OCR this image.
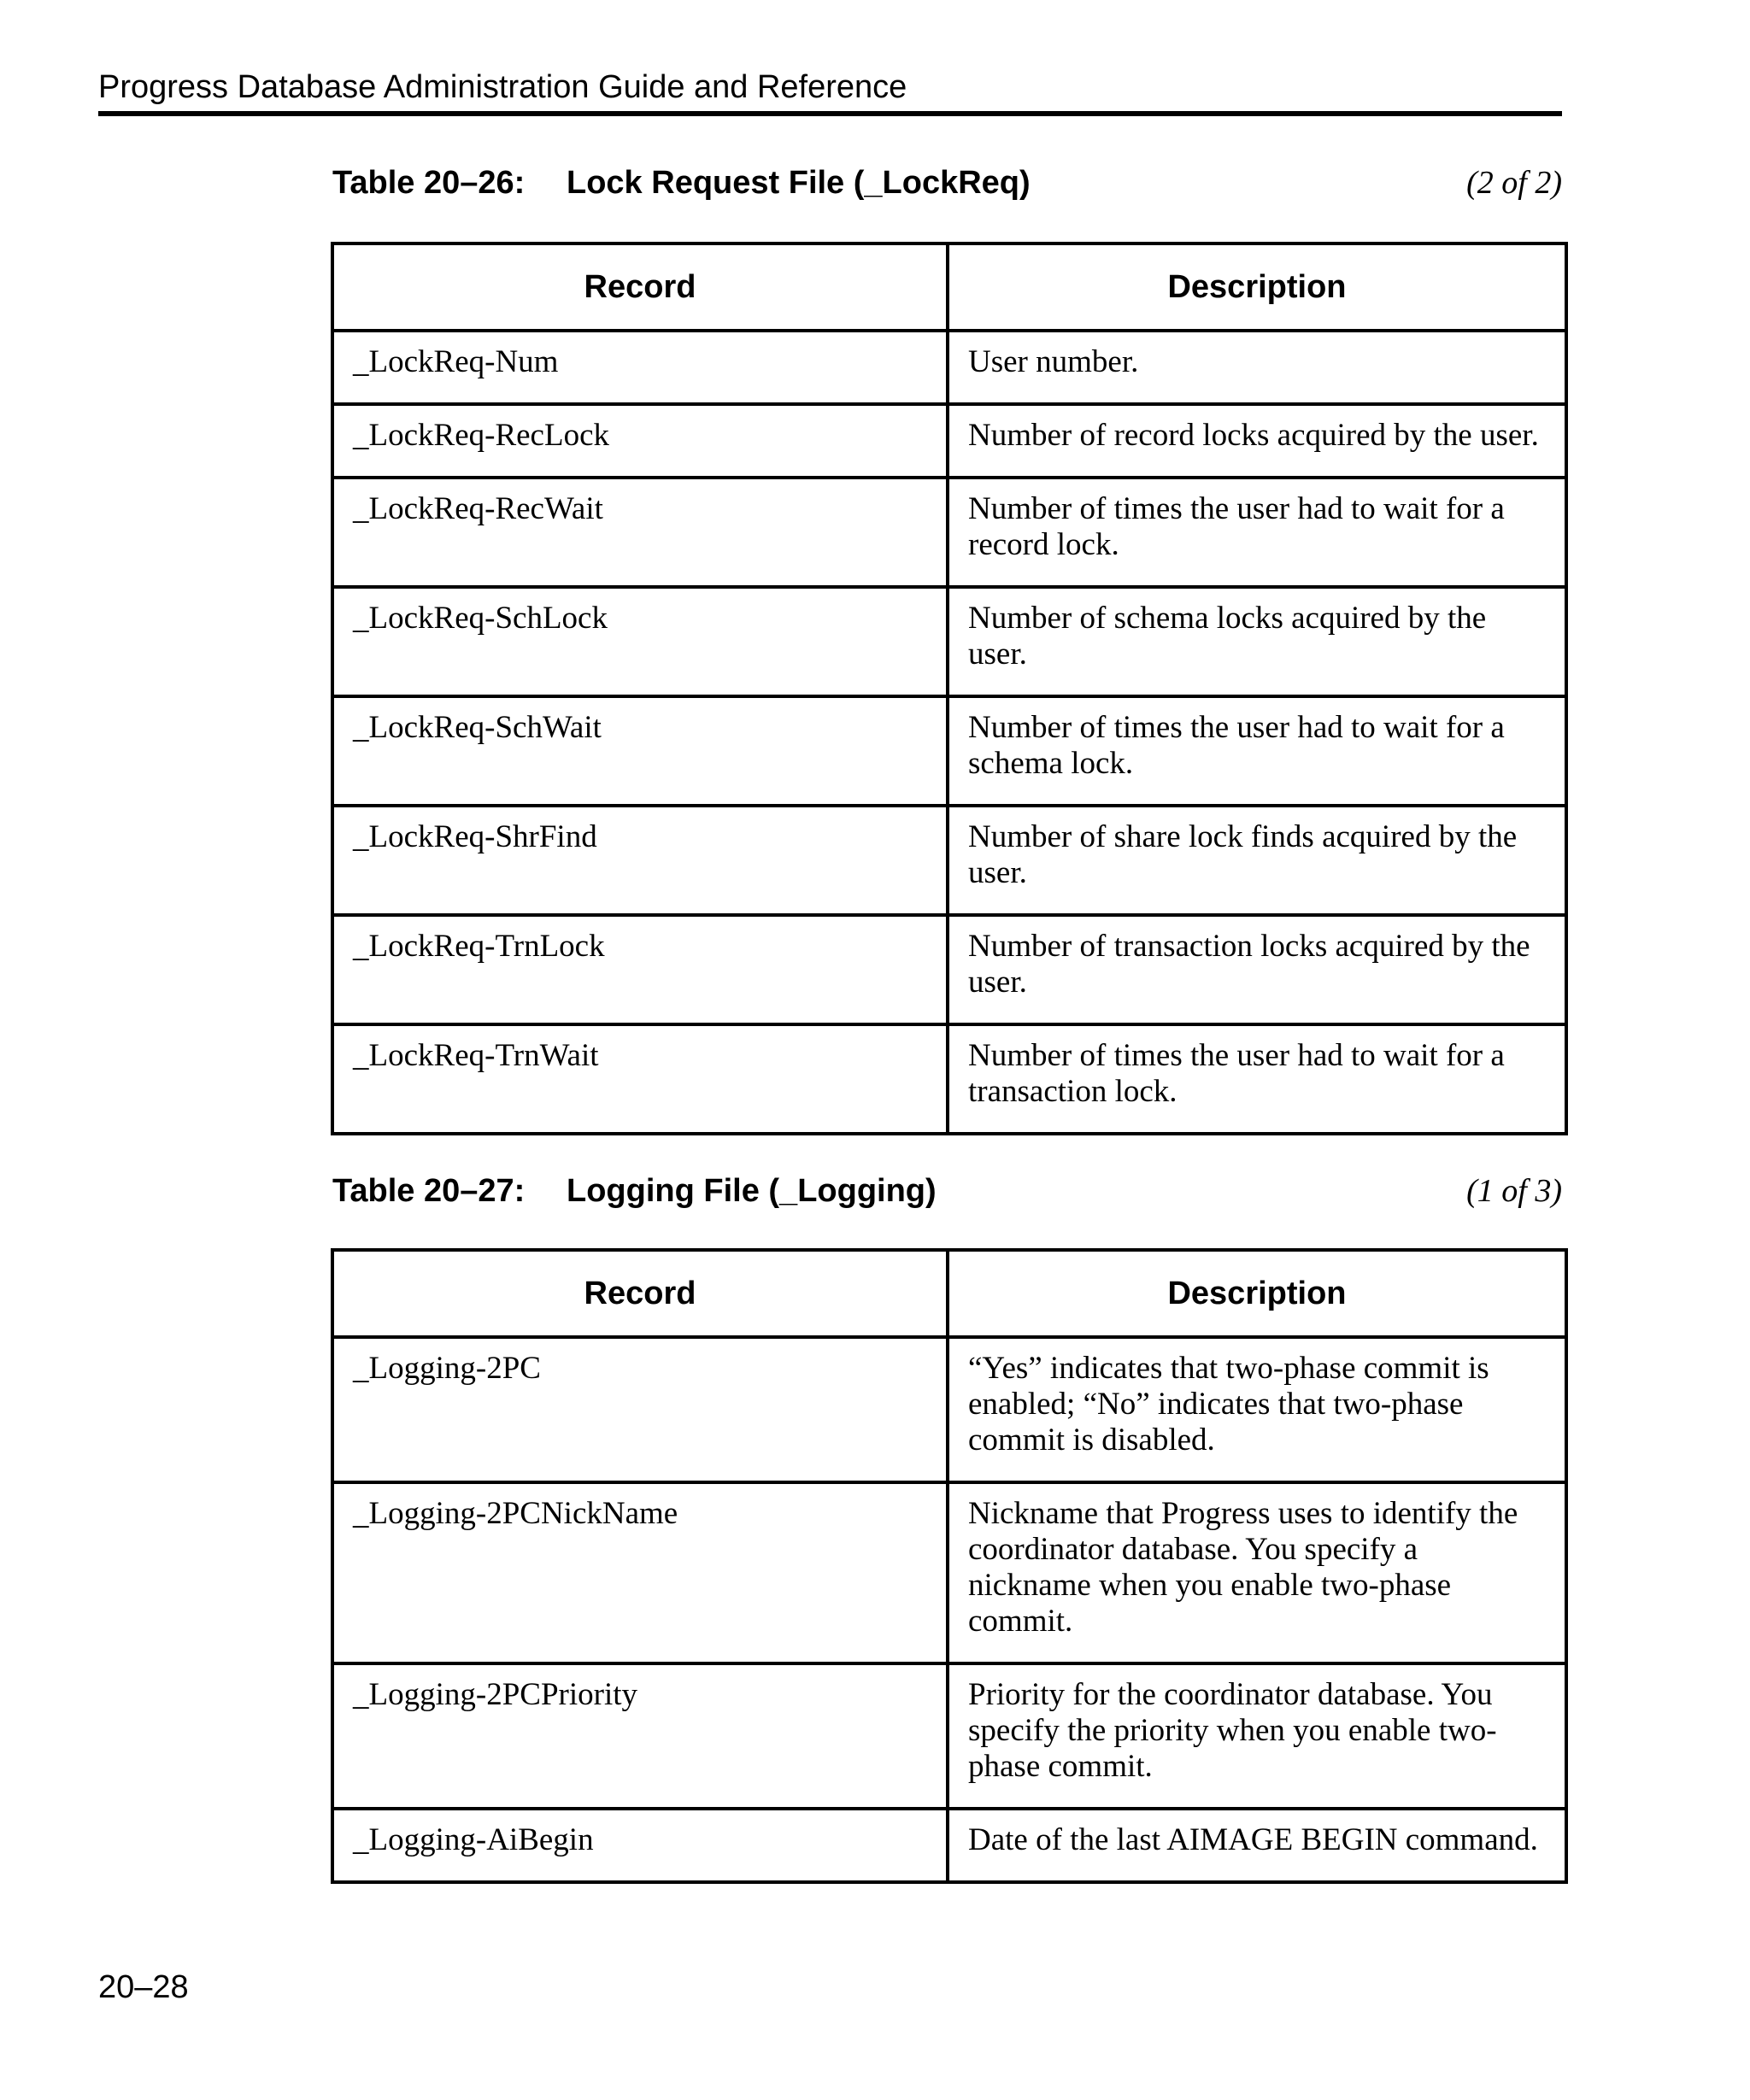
Progress Database Administration Guide and Reference
Table 20–26: Lock Request File (_LockReq)	(2 of 2)
Record	Description
_LockReq-Num	User number.
_LockReq-RecLock	Number of record locks acquired by the user.
_LockReq-RecWait	Number of times the user had to wait for a record lock.
_LockReq-SchLock	Number of schema locks acquired by the user.
_LockReq-SchWait	Number of times the user had to wait for a schema lock.
_LockReq-ShrFind	Number of share lock finds acquired by the user.
_LockReq-TrnLock	Number of transaction locks acquired by the user.
_LockReq-TrnWait	Number of times the user had to wait for a transaction lock.
Table 20–27: Logging File (_Logging)	(1 of 3)
Record	Description
_Logging-2PC	“Yes” indicates that two-phase commit is enabled; “No” indicates that two-phase commit is disabled.
_Logging-2PCNickName	Nickname that Progress uses to identify the coordinator database. You specify a nickname when you enable two-phase commit.
_Logging-2PCPriority	Priority for the coordinator database. You specify the priority when you enable two-phase commit.
_Logging-AiBegin	Date of the last AIMAGE BEGIN command.
20–28
